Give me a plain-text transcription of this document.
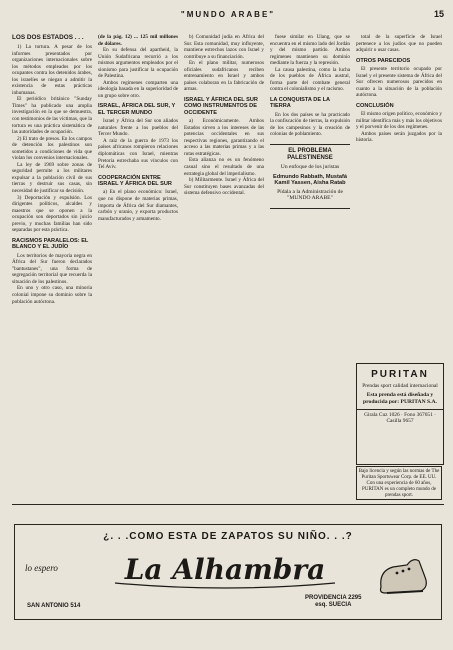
"MUNDO ARABE"	15
LOS DOS ESTADOS . . .

1) La tortura. A pesar de los informes presentados por organizaciones internacionales sobre los métodos empleados por los ocupantes contra los detenidos árabes, los israelíes se niegan a admitir la existencia de estas prácticas inhumanas.

El periódico británico "Sunday Times" ha publicado una amplia investigación en la que se demuestra, con testimonios de las víctimas, que la tortura es una práctica sistemática de las autoridades de ocupación.

2) El trato de presos. En los campos de detención los palestinos son sometidos a condiciones de vida que violan los convenios internacionales.

La ley de 1969 sobre zonas de seguridad permite a los militares expulsar a la población civil de sus tierras y destruir sus casas, sin necesidad de justificar su decisión.

3) Deportación y expulsión. Los dirigentes políticos, alcaldes y maestros que se oponen a la ocupación son deportados sin juicio previo, y muchas familias han sido separadas por esta práctica.

RACISMOS PARALELOS: EL BLANCO Y EL JUDÍO

Los territorios de mayoría negra en África del Sur fueron declarados "bantustanes", una forma de segregación territorial que recuerda la situación de los palestinos.

En uno y otro caso, una minoría colonial impone su dominio sobre la población autóctona.

(de la pág. 12) ... 125 mil millones de dólares.

En su defensa del apartheid, la Unión Sudafricana recurrió a los mismos argumentos empleados por el sionismo para justificar la ocupación de Palestina.

Ambos regímenes comparten una ideología basada en la superioridad de un grupo sobre otro.

ISRAEL, ÁFRICA DEL SUR, Y EL TERCER MUNDO

Israel y África del Sur son aliados naturales frente a los pueblos del Tercer Mundo.

A raíz de la guerra de 1973 los países africanos rompieron relaciones diplomáticas con Israel, mientras Pretoria estrechaba sus vínculos con Tel Aviv.

COOPERACIÓN ENTRE ISRAEL Y ÁFRICA DEL SUR

a) En el plano económico: Israel, que no dispone de materias primas, importa de África del Sur diamantes, carbón y uranio, y exporta productos manufacturados y armamento.

b) Comunidad judía en África del Sur. Esta comunidad, muy influyente, mantiene estrechos lazos con Israel y contribuye a su financiación.

En el plano militar, numerosos oficiales sudafricanos reciben entrenamiento en Israel y ambos países colaboran en la fabricación de armas.

ISRAEL Y ÁFRICA DEL SUR COMO INSTRUMENTOS DE OCCIDENTE

a) Económicamente. Ambos Estados sirven a los intereses de las potencias occidentales en sus respectivas regiones, garantizando el acceso a las materias primas y a las rutas estratégicas.

Esta alianza no es un fenómeno casual sino el resultado de una estrategia global del imperialismo.

b) Militarmente. Israel y África del Sur constituyen bases avanzadas del sistema defensivo occidental.

fuese similar en Ulang, que se encuentra en el mismo lado del Jordán y del mismo partido. Ambos regímenes mantienen su dominio mediante la fuerza y la represión.

La causa palestina, como la lucha de los pueblos de África austral, forma parte del combate general contra el colonialismo y el racismo.

LA CONQUISTA DE LA TIERRA

En los dos países se ha practicado la confiscación de tierras, la expulsión de los campesinos y la creación de colonias de poblamiento.

EL PROBLEMA PALESTINENSE
Un enfoque de los juristas
Edmundo Rabbath, Mustafá Kamil Yassen, Aisha Ratab
Pídala a la Administración de "MUNDO ARABE"

total de la superficie de Israel pertenece a los judíos que no pueden adquirir o usar casas.

OTROS PARECIDOS

El presente territorio ocupado por Israel y el presente sistema de África del Sur ofrecen numerosos parecidos en cuanto a la situación de la población autóctona.

CONCLUSIÓN

El mismo origen político, económico y militar identifica más y más los objetivos y el porvenir de los dos regímenes.

Ambos países serán juzgados por la historia.

PURITAN
Prendas sport calidad internacional
Esta prenda está diseñada y producida por: PURITAN S.A.
Girala Cuz 1026 · Fono 367651 · Casilla 9657
Bajo licencia y según las normas de The Puritan Sportswear Corp. de EE. UU. Con una experiencia de 60 años, PURITAN es un completo mundo de prendas sport.
¿. . .COMO ESTA DE ZAPATOS SU NIÑO. . .?
lo espero La Alhambra
SAN ANTONIO 514
PROVIDENCIA 2295
esq. SUECIA
